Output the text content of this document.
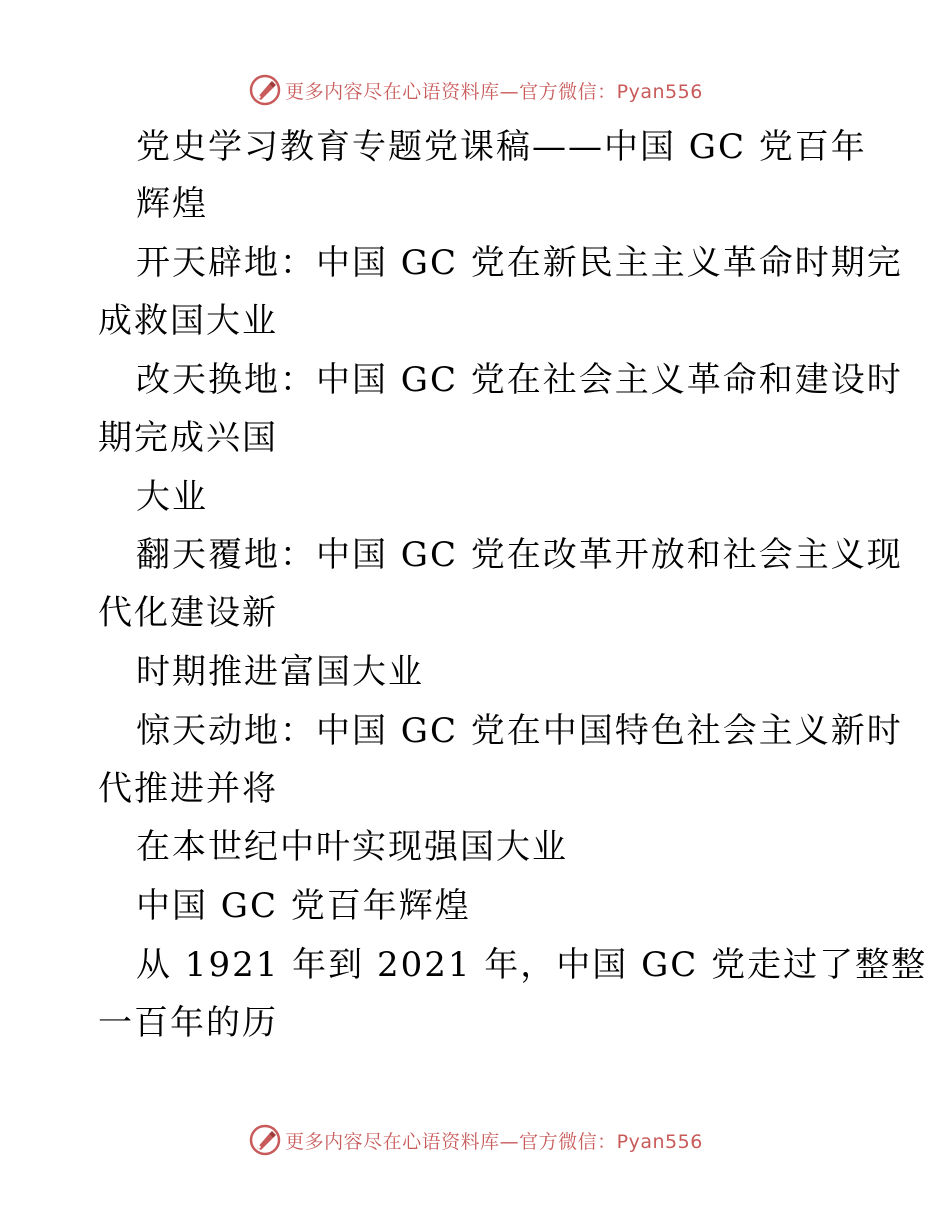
更多内容尽在心语资料库—官方微信：Pyan556
党史学习教育专题党课稿——中国 GC 党百年
辉煌
开天辟地：中国 GC 党在新民主主义革命时期完
成救国大业
改天换地：中国 GC 党在社会主义革命和建设时
期完成兴国
大业
翻天覆地：中国 GC 党在改革开放和社会主义现
代化建设新
时期推进富国大业
惊天动地：中国 GC 党在中国特色社会主义新时
代推进并将
在本世纪中叶实现强国大业
中国 GC 党百年辉煌
从 1921 年到 2021 年，中国 GC 党走过了整整
一百年的历
更多内容尽在心语资料库—官方微信：Pyan556
